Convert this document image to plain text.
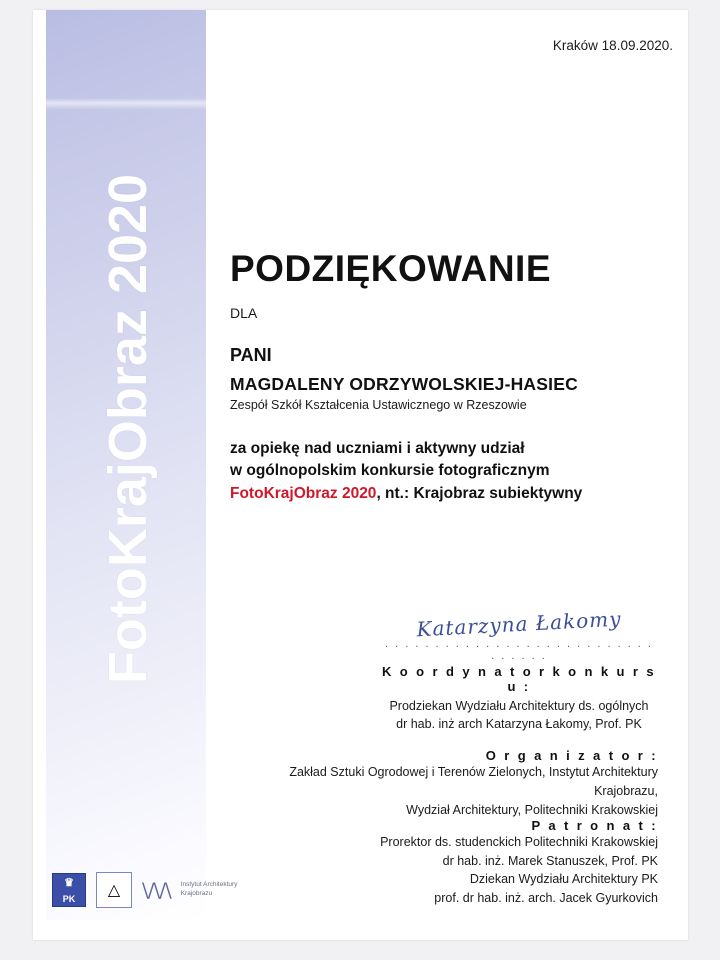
FotoKrajObraz 2020
Kraków 18.09.2020.
PODZIĘKOWANIE
DLA
PANI
MAGDALENY ODRZYWOLSKIEJ-HASIEC
Zespół Szkół Kształcenia Ustawicznego w Rzeszowie
za opiekę nad uczniami i aktywny udział
w ogólnopolskim konkursie fotograficznym
FotoKrajObraz 2020, nt.: Krajobraz subiektywny
Katarzyna Łakomy
. . . . . . . . . . . . . . . . . . . . . . . . . . . . . . . . .
K o o r d y n a t o r k o n k u r s u :
Prodziekan Wydziału Architektury ds. ogólnych
dr hab. inż arch Katarzyna Łakomy, Prof. PK
O r g a n i z a t o r :
Zakład Sztuki Ogrodowej i Terenów Zielonych, Instytut Architektury Krajobrazu,
Wydział Architektury, Politechniki Krakowskiej
P a t r o n a t :
Prorektor ds. studenckich Politechniki Krakowskiej
dr hab. inż. Marek Stanuszek, Prof. PK
Dziekan Wydziału Architektury PK
prof. dr hab. inż. arch. Jacek Gyurkovich
♛
PK △ \/\/\ Instytut Architektury Krajobrazu
